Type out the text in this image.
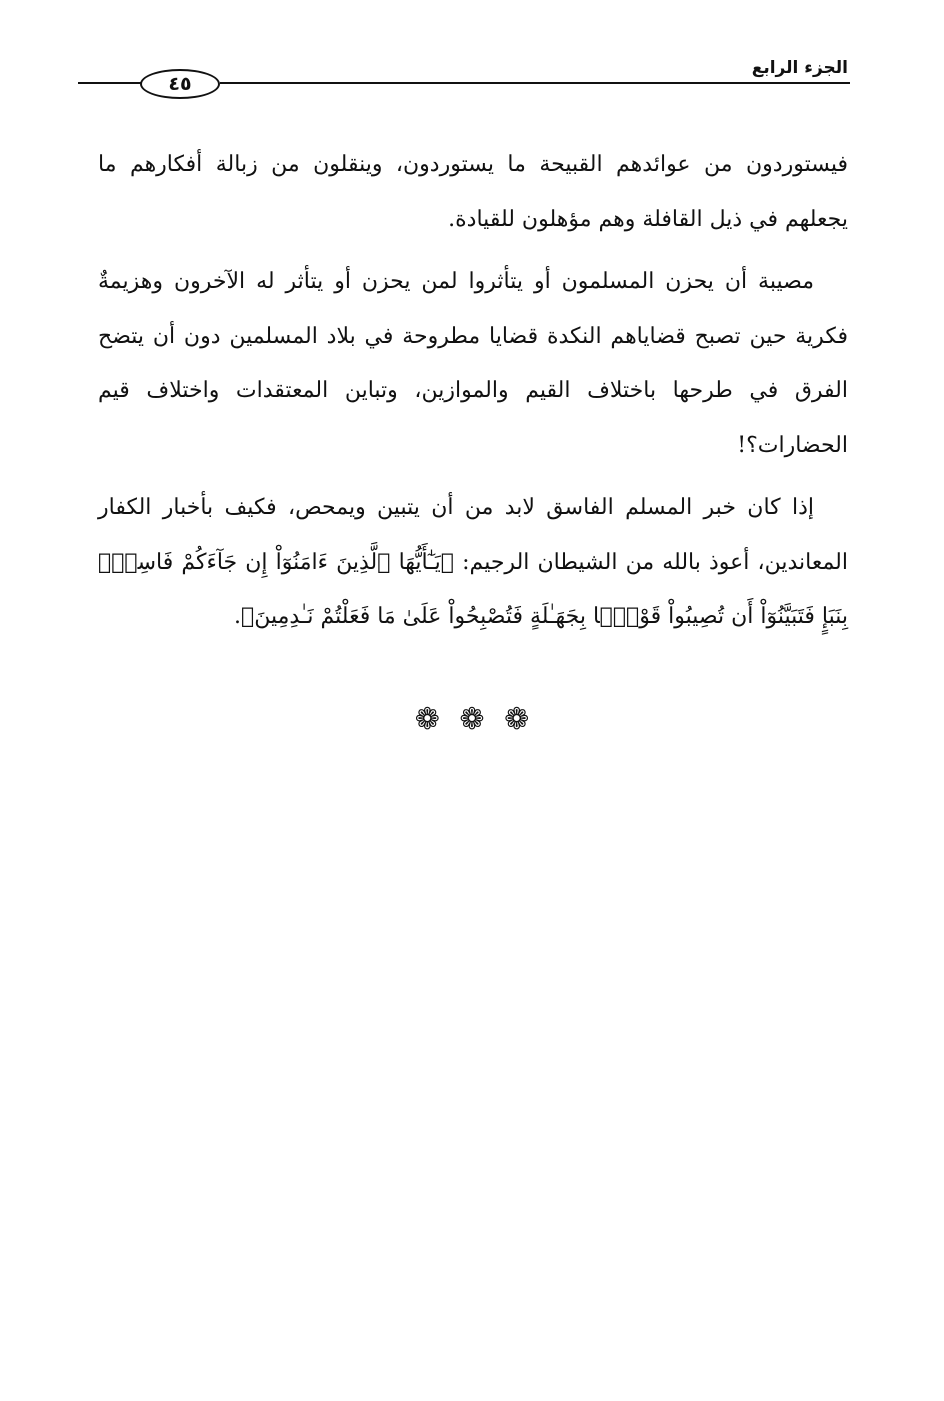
الجزء الرابع
٤٥

فيستوردون من عوائدهم القبيحة ما يستوردون، وينقلون من زبالة أفكارهم ما يجعلهم في ذيل القافلة وهم مؤهلون للقيادة.

مصيبة أن يحزن المسلمون أو يتأثروا لمن يحزن أو يتأثر له الآخرون وهزيمةٌ فكرية حين تصبح قضاياهم النكدة قضايا مطروحة في بلاد المسلمين دون أن يتضح الفرق في طرحها باختلاف القيم والموازين، وتباين المعتقدات واختلاف قيم الحضارات؟!

إذا كان خبر المسلم الفاسق لابد من أن يتبين ويمحص، فكيف بأخبار الكفار المعاندين، أعوذ بالله من الشيطان الرجيم: ﴿يَـٰٓأَيُّهَا ٱلَّذِينَ ءَامَنُوٓاْ إِن جَآءَكُمْ فَاسِقٌۢ بِنَبَإٍ فَتَبَيَّنُوٓاْ أَن تُصِيبُواْ قَوْمًۢا بِجَهَـٰلَةٍ فَتُصْبِحُواْ عَلَىٰ مَا فَعَلْتُمْ نَـٰدِمِينَ﴾.

❁ ❁ ❁
